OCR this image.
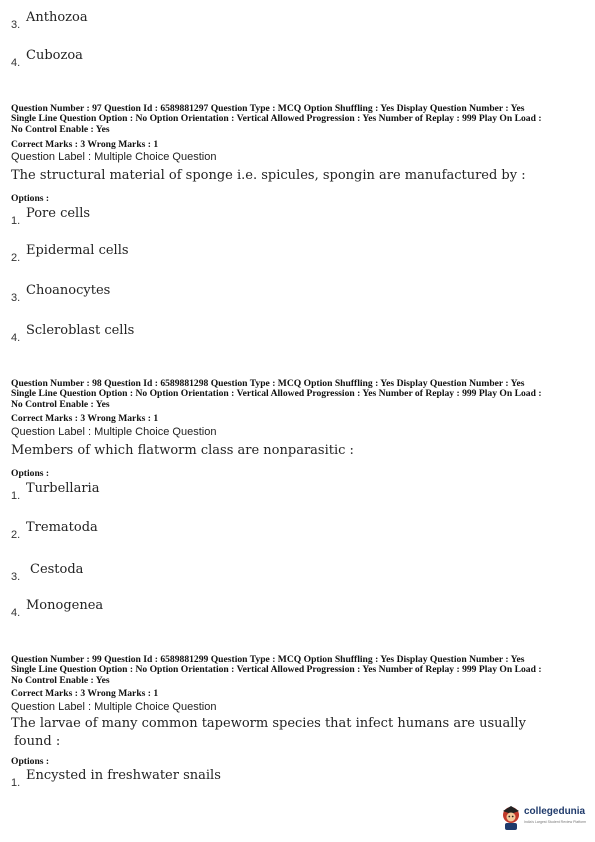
3. Anthozoa
4. Cubozoa
Question Number : 97 Question Id : 6589881297 Question Type : MCQ Option Shuffling : Yes Display Question Number : Yes
Single Line Question Option : No Option Orientation : Vertical Allowed Progression : Yes Number of Replay : 999 Play On Load :
No Control Enable : Yes
Correct Marks : 3 Wrong Marks : 1
Question Label : Multiple Choice Question
The structural material of sponge i.e. spicules, spongin are manufactured by :
Options :
1. Pore cells
2. Epidermal cells
3. Choanocytes
4. Scleroblast cells
Question Number : 98 Question Id : 6589881298 Question Type : MCQ Option Shuffling : Yes Display Question Number : Yes
Single Line Question Option : No Option Orientation : Vertical Allowed Progression : Yes Number of Replay : 999 Play On Load :
No Control Enable : Yes
Correct Marks : 3 Wrong Marks : 1
Question Label : Multiple Choice Question
Members of which flatworm class are nonparasitic :
Options :
1. Turbellaria
2. Trematoda
3. Cestoda
4. Monogenea
Question Number : 99 Question Id : 6589881299 Question Type : MCQ Option Shuffling : Yes Display Question Number : Yes
Single Line Question Option : No Option Orientation : Vertical Allowed Progression : Yes Number of Replay : 999 Play On Load :
No Control Enable : Yes
Correct Marks : 3 Wrong Marks : 1
Question Label : Multiple Choice Question
The larvae of many common tapeworm species that infect humans are usually
found :
Options :
1. Encysted in freshwater snails
collegedunia
India's Largest Student Review Platform
